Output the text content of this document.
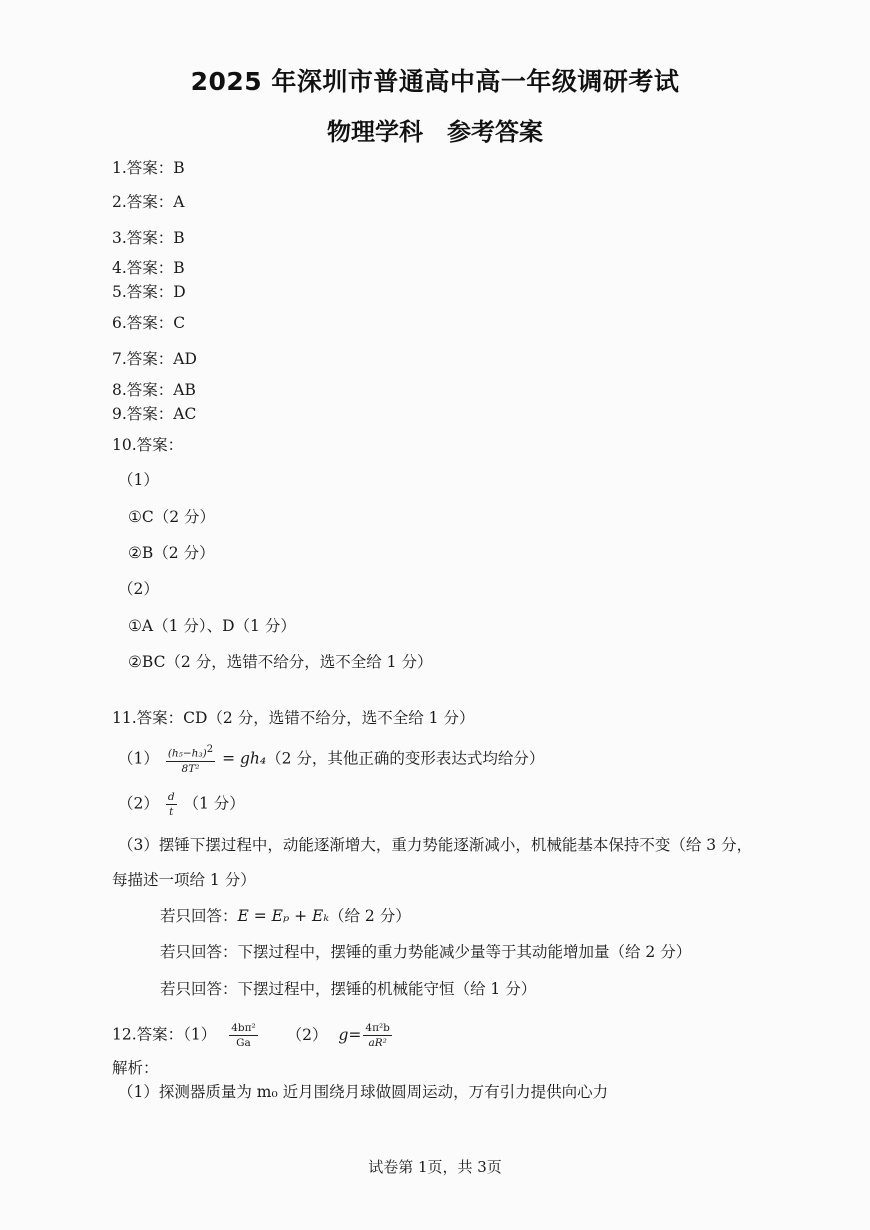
2025 年深圳市普通高中高一年级调研考试
物理学科　参考答案
1.答案：B
2.答案：A
3.答案：B
4.答案：B
5.答案：D
6.答案：C
7.答案：AD
8.答案：AB
9.答案：AC
10.答案：
（1）
①C（2 分）
②B（2 分）
（2）
①A（1 分）、D（1 分）
②BC（2 分，选错不给分，选不全给 1 分）
11.答案：CD（2 分，选错不给分，选不全给 1 分）
$(1) \frac{(h_5-h_3)^2}{\text{8T²}} = gh_4(2$ 分，其他正确的变形表达式均给分）
$(2) \frac{d}{t} (1$ 分）
（3）摆锤下摆过程中，动能逐渐增大，重力势能逐渐减小，机械能基本保持不变（给 3 分，
每描述一项给 1 分）
若只回答：E = Eₚ + Eₖ（给 2 分）
若只回答：下摆过程中，摆锤的重力势能减少量等于其动能增加量（给 2 分）
若只回答：下摆过程中，摆锤的机械能守恒（给 1 分）
12.答案：$(1) \frac{\text{4bπ²}}{Ga} (2)$ $g= \frac{\text{4π²b}}{\text{aR²}}$
解析：
（1）探测器质量为 m₀ 近月围绕月球做圆周运动，万有引力提供向心力
试卷第 1页，共 3页
